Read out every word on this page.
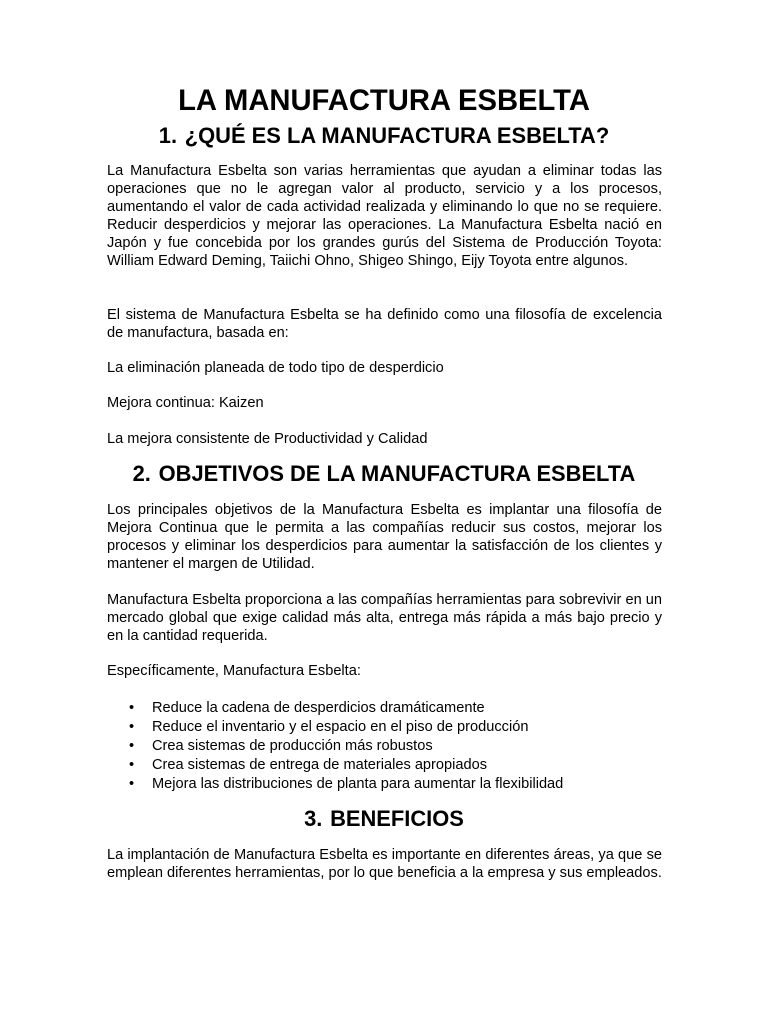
LA MANUFACTURA ESBELTA
1. ¿QUÉ ES LA MANUFACTURA ESBELTA?

La Manufactura Esbelta son varias herramientas que ayudan a eliminar todas las operaciones que no le agregan valor al producto, servicio y a los procesos, aumentando el valor de cada actividad realizada y eliminando lo que no se requiere. Reducir desperdicios y mejorar las operaciones. La Manufactura Esbelta nació en Japón y fue concebida por los grandes gurús del Sistema de Producción Toyota: William Edward Deming, Taiichi Ohno, Shigeo Shingo, Eijy Toyota entre algunos.

El sistema de Manufactura Esbelta se ha definido como una filosofía de excelencia de manufactura, basada en:

La eliminación planeada de todo tipo de desperdicio

Mejora continua: Kaizen

La mejora consistente de Productividad y Calidad

2. OBJETIVOS DE LA MANUFACTURA ESBELTA

Los principales objetivos de la Manufactura Esbelta es implantar una filosofía de Mejora Continua que le permita a las compañías reducir sus costos, mejorar los procesos y eliminar los desperdicios para aumentar la satisfacción de los clientes y mantener el margen de Utilidad.

Manufactura Esbelta proporciona a las compañías herramientas para sobrevivir en un mercado global que exige calidad más alta, entrega más rápida a más bajo precio y en la cantidad requerida.

Específicamente, Manufactura Esbelta:

• Reduce la cadena de desperdicios dramáticamente
• Reduce el inventario y el espacio en el piso de producción
• Crea sistemas de producción más robustos
• Crea sistemas de entrega de materiales apropiados
• Mejora las distribuciones de planta para aumentar la flexibilidad
3. BENEFICIOS

La implantación de Manufactura Esbelta es importante en diferentes áreas, ya que se emplean diferentes herramientas, por lo que beneficia a la empresa y sus empleados.
